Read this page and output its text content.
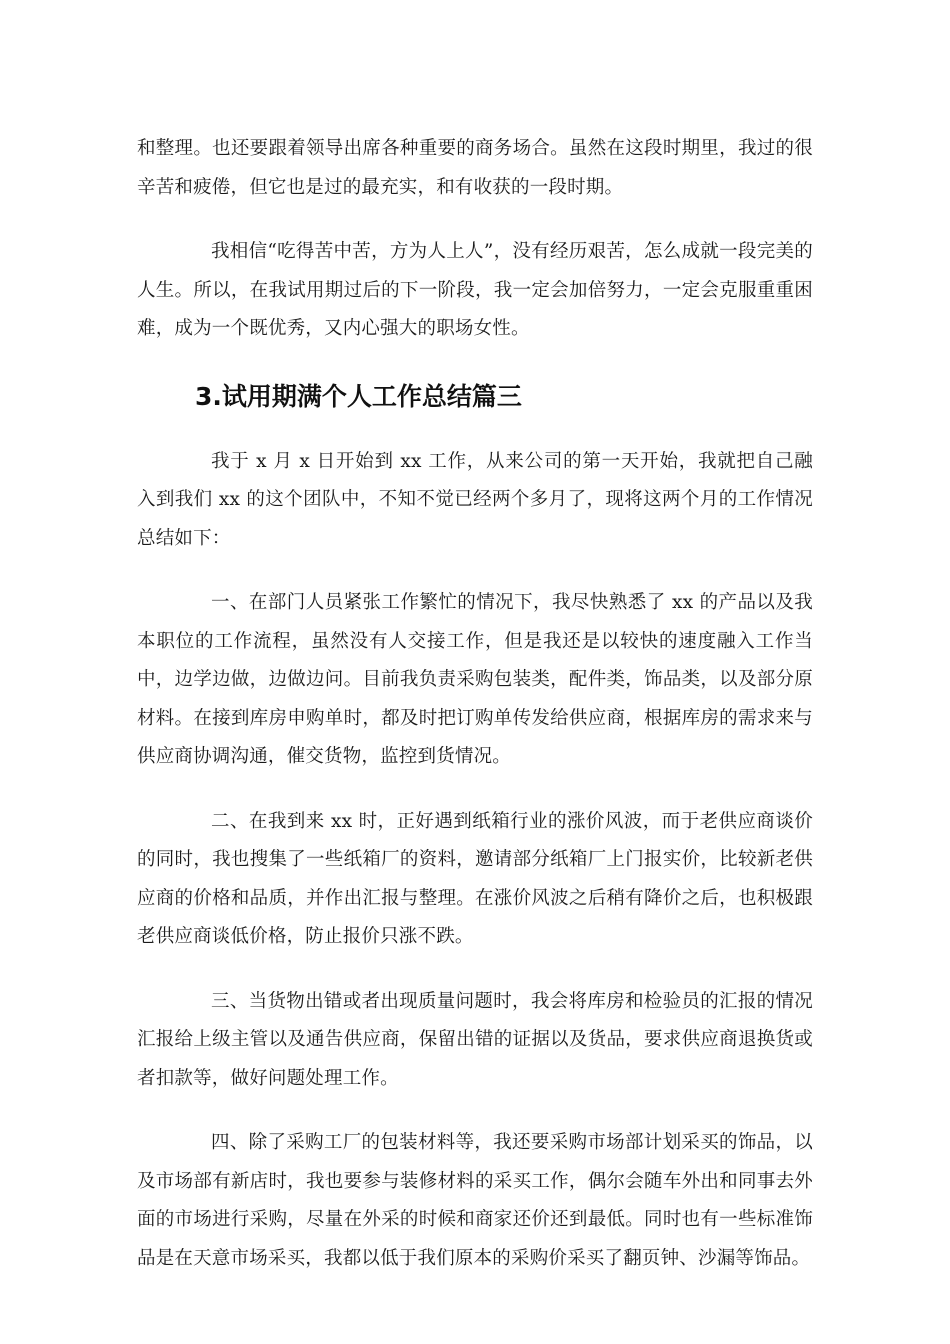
和整理。也还要跟着领导出席各种重要的商务场合。虽然在这段时期里，我过的很辛苦和疲倦，但它也是过的最充实，和有收获的一段时期。

我相信“吃得苦中苦，方为人上人”，没有经历艰苦，怎么成就一段完美的人生。所以，在我试用期过后的下一阶段，我一定会加倍努力，一定会克服重重困难，成为一个既优秀，又内心强大的职场女性。

3.试用期满个人工作总结篇三

我于 x 月 x 日开始到 xx 工作，从来公司的第一天开始，我就把自己融入到我们 xx 的这个团队中，不知不觉已经两个多月了，现将这两个月的工作情况总结如下：

一、在部门人员紧张工作繁忙的情况下，我尽快熟悉了 xx 的产品以及我本职位的工作流程，虽然没有人交接工作，但是我还是以较快的速度融入工作当中，边学边做，边做边问。目前我负责采购包装类，配件类，饰品类，以及部分原材料。在接到库房申购单时，都及时把订购单传发给供应商，根据库房的需求来与供应商协调沟通，催交货物，监控到货情况。

二、在我到来 xx 时，正好遇到纸箱行业的涨价风波，而于老供应商谈价的同时，我也搜集了一些纸箱厂的资料，邀请部分纸箱厂上门报实价，比较新老供应商的价格和品质，并作出汇报与整理。在涨价风波之后稍有降价之后，也积极跟老供应商谈低价格，防止报价只涨不跌。

三、当货物出错或者出现质量问题时，我会将库房和检验员的汇报的情况汇报给上级主管以及通告供应商，保留出错的证据以及货品，要求供应商退换货或者扣款等，做好问题处理工作。

四、除了采购工厂的包装材料等，我还要采购市场部计划采买的饰品，以及市场部有新店时，我也要参与装修材料的采买工作，偶尔会随车外出和同事去外面的市场进行采购，尽量在外采的时候和商家还价还到最低。同时也有一些标准饰品是在天意市场采买，我都以低于我们原本的采购价采买了翻页钟、沙漏等饰品。
